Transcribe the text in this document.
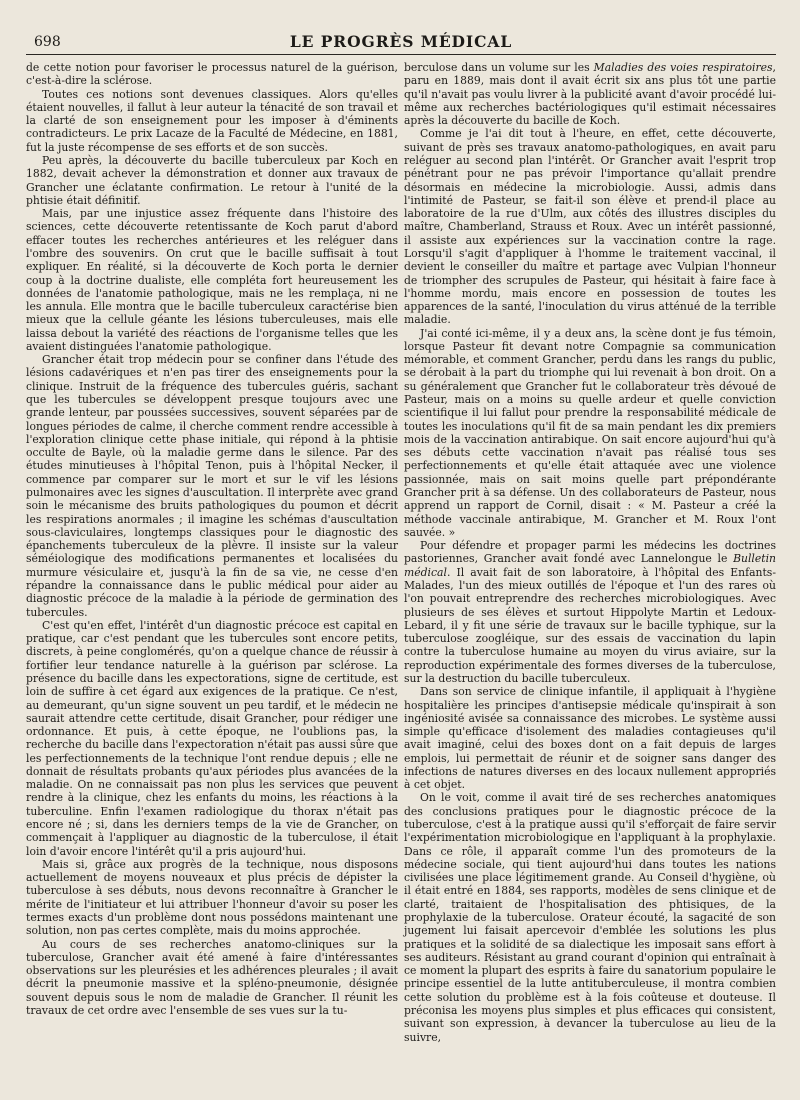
698	LE PROGRÈS MÉDICAL

de cette notion pour favoriser le processus naturel de la guérison, c'est-à-dire la sclérose.

Toutes ces notions sont devenues classiques. Alors qu'elles étaient nouvelles, il fallut à leur auteur la ténacité de son travail et la clarté de son enseignement pour les imposer à d'éminents contradicteurs. Le prix Lacaze de la Faculté de Médecine, en 1881, fut la juste récompense de ses efforts et de son succès.

Peu après, la découverte du bacille tuberculeux par Koch en 1882, devait achever la démonstration et donner aux travaux de Grancher une éclatante confirmation. Le retour à l'unité de la phtisie était définitif.

Mais, par une injustice assez fréquente dans l'histoire des sciences, cette découverte retentissante de Koch parut d'abord effacer toutes les recherches antérieures et les reléguer dans l'ombre des souvenirs. On crut que le bacille suffisait à tout expliquer. En réalité, si la découverte de Koch porta le dernier coup à la doctrine dualiste, elle compléta fort heureusement les données de l'anatomie pathologique, mais ne les remplaça, ni ne les annula. Elle montra que le bacille tuberculeux caractérise bien mieux que la cellule géante les lésions tuberculeuses, mais elle laissa debout la variété des réactions de l'organisme telles que les avaient distinguées l'anatomie pathologique.

Grancher était trop médecin pour se confiner dans l'étude des lésions cadavériques et n'en pas tirer des enseignements pour la clinique. Instruit de la fréquence des tubercules guéris, sachant que les tubercules se développent presque toujours avec une grande lenteur, par poussées successives, souvent séparées par de longues périodes de calme, il cherche comment rendre accessible à l'exploration clinique cette phase initiale, qui répond à la phtisie occulte de Bayle, où la maladie germe dans le silence. Par des études minutieuses à l'hôpital Tenon, puis à l'hôpital Necker, il commence par comparer sur le mort et sur le vif les lésions pulmonaires avec les signes d'auscultation. Il interprète avec grand soin le mécanisme des bruits pathologiques du poumon et décrit les respirations anormales ; il imagine les schémas d'auscultation sous-claviculaires, longtemps classiques pour le diagnostic des épanchements tuberculeux de la plèvre. Il insiste sur la valeur séméiologique des modifications permanentes et localisées du murmure vésiculaire et, jusqu'à la fin de sa vie, ne cesse d'en répandre la connaissance dans le public médical pour aider au diagnostic précoce de la maladie à la période de germination des tubercules.

C'est qu'en effet, l'intérêt d'un diagnostic précoce est capital en pratique, car c'est pendant que les tubercules sont encore petits, discrets, à peine conglomérés, qu'on a quelque chance de réussir à fortifier leur tendance naturelle à la guérison par sclérose. La présence du bacille dans les expectorations, signe de certitude, est loin de suffire à cet égard aux exigences de la pratique. Ce n'est, au demeurant, qu'un signe souvent un peu tardif, et le médecin ne saurait attendre cette certitude, disait Grancher, pour rédiger une ordonnance. Et puis, à cette époque, ne l'oublions pas, la recherche du bacille dans l'expectoration n'était pas aussi sûre que les perfectionnements de la technique l'ont rendue depuis ; elle ne donnait de résultats probants qu'aux périodes plus avancées de la maladie. On ne connaissait pas non plus les services que peuvent rendre à la clinique, chez les enfants du moins, les réactions à la tuberculine. Enfin l'examen radiologique du thorax n'était pas encore né ; si, dans les derniers temps de la vie de Grancher, on commençait à l'appliquer au diagnostic de la tuberculose, il était loin d'avoir encore l'intérêt qu'il a pris aujourd'hui.

Mais si, grâce aux progrès de la technique, nous disposons actuellement de moyens nouveaux et plus précis de dépister la tuberculose à ses débuts, nous devons reconnaître à Grancher le mérite de l'initiateur et lui attribuer l'honneur d'avoir su poser les termes exacts d'un problème dont nous possédons maintenant une solution, non pas certes complète, mais du moins approchée.

Au cours de ses recherches anatomo-cliniques sur la tuberculose, Grancher avait été amené à faire d'intéressantes observations sur les pleurésies et les adhérences pleurales ; il avait décrit la pneumonie massive et la spléno-pneumonie, désignée souvent depuis sous le nom de maladie de Grancher. Il réunit les travaux de cet ordre avec l'ensemble de ses vues sur la tu-

berculose dans un volume sur les Maladies des voies respiratoires, paru en 1889, mais dont il avait écrit six ans plus tôt une partie qu'il n'avait pas voulu livrer à la publicité avant d'avoir procédé lui-même aux recherches bactériologiques qu'il estimait nécessaires après la découverte du bacille de Koch.

Comme je l'ai dit tout à l'heure, en effet, cette découverte, suivant de près ses travaux anatomo-pathologiques, en avait paru reléguer au second plan l'intérêt. Or Grancher avait l'esprit trop pénétrant pour ne pas prévoir l'importance qu'allait prendre désormais en médecine la microbiologie. Aussi, admis dans l'intimité de Pasteur, se fait-il son élève et prend-il place au laboratoire de la rue d'Ulm, aux côtés des illustres disciples du maître, Chamberland, Strauss et Roux. Avec un intérêt passionné, il assiste aux expériences sur la vaccination contre la rage. Lorsqu'il s'agit d'appliquer à l'homme le traitement vaccinal, il devient le conseiller du maître et partage avec Vulpian l'honneur de triompher des scrupules de Pasteur, qui hésitait à faire face à l'homme mordu, mais encore en possession de toutes les apparences de la santé, l'inoculation du virus atténué de la terrible maladie.

J'ai conté ici-même, il y a deux ans, la scène dont je fus témoin, lorsque Pasteur fit devant notre Compagnie sa communication mémorable, et comment Grancher, perdu dans les rangs du public, se dérobait à la part du triomphe qui lui revenait à bon droit. On a su généralement que Grancher fut le collaborateur très dévoué de Pasteur, mais on a moins su quelle ardeur et quelle conviction scientifique il lui fallut pour prendre la responsabilité médicale de toutes les inoculations qu'il fit de sa main pendant les dix premiers mois de la vaccination antirabique. On sait encore aujourd'hui qu'à ses débuts cette vaccination n'avait pas réalisé tous ses perfectionnements et qu'elle était attaquée avec une violence passionnée, mais on sait moins quelle part prépondérante Grancher prit à sa défense. Un des collaborateurs de Pasteur, nous apprend un rapport de Cornil, disait : « M. Pasteur a créé la méthode vaccinale antirabique, M. Grancher et M. Roux l'ont sauvée. »

Pour défendre et propager parmi les médecins les doctrines pastoriennes, Grancher avait fondé avec Lannelongue le Bulletin médical. Il avait fait de son laboratoire, à l'hôpital des Enfants-Malades, l'un des mieux outillés de l'époque et l'un des rares où l'on pouvait entreprendre des recherches microbiologiques. Avec plusieurs de ses élèves et surtout Hippolyte Martin et Ledoux-Lebard, il y fit une série de travaux sur le bacille typhique, sur la tuberculose zoogléique, sur des essais de vaccination du lapin contre la tuberculose humaine au moyen du virus aviaire, sur la reproduction expérimentale des formes diverses de la tuberculose, sur la destruction du bacille tuberculeux.

Dans son service de clinique infantile, il appliquait à l'hygiène hospitalière les principes d'antisepsie médicale qu'inspirait à son ingéniosité avisée sa connaissance des microbes. Le système aussi simple qu'efficace d'isolement des maladies contagieuses qu'il avait imaginé, celui des boxes dont on a fait depuis de larges emplois, lui permettait de réunir et de soigner sans danger des infections de natures diverses en des locaux nullement appropriés à cet objet.

On le voit, comme il avait tiré de ses recherches anatomiques des conclusions pratiques pour le diagnostic précoce de la tuberculose, c'est à la pratique aussi qu'il s'efforçait de faire servir l'expérimentation microbiologique en l'appliquant à la prophylaxie. Dans ce rôle, il apparaît comme l'un des promoteurs de la médecine sociale, qui tient aujourd'hui dans toutes les nations civilisées une place légitimement grande. Au Conseil d'hygiène, où il était entré en 1884, ses rapports, modèles de sens clinique et de clarté, traitaient de l'hospitalisation des phtisiques, de la prophylaxie de la tuberculose. Orateur écouté, la sagacité de son jugement lui faisait apercevoir d'emblée les solutions les plus pratiques et la solidité de sa dialectique les imposait sans effort à ses auditeurs. Résistant au grand courant d'opinion qui entraînait à ce moment la plupart des esprits à faire du sanatorium populaire le principe essentiel de la lutte antituberculeuse, il montra combien cette solution du problème est à la fois coûteuse et douteuse. Il préconisa les moyens plus simples et plus efficaces qui consistent, suivant son expression, à devancer la tuberculose au lieu de la suivre,
